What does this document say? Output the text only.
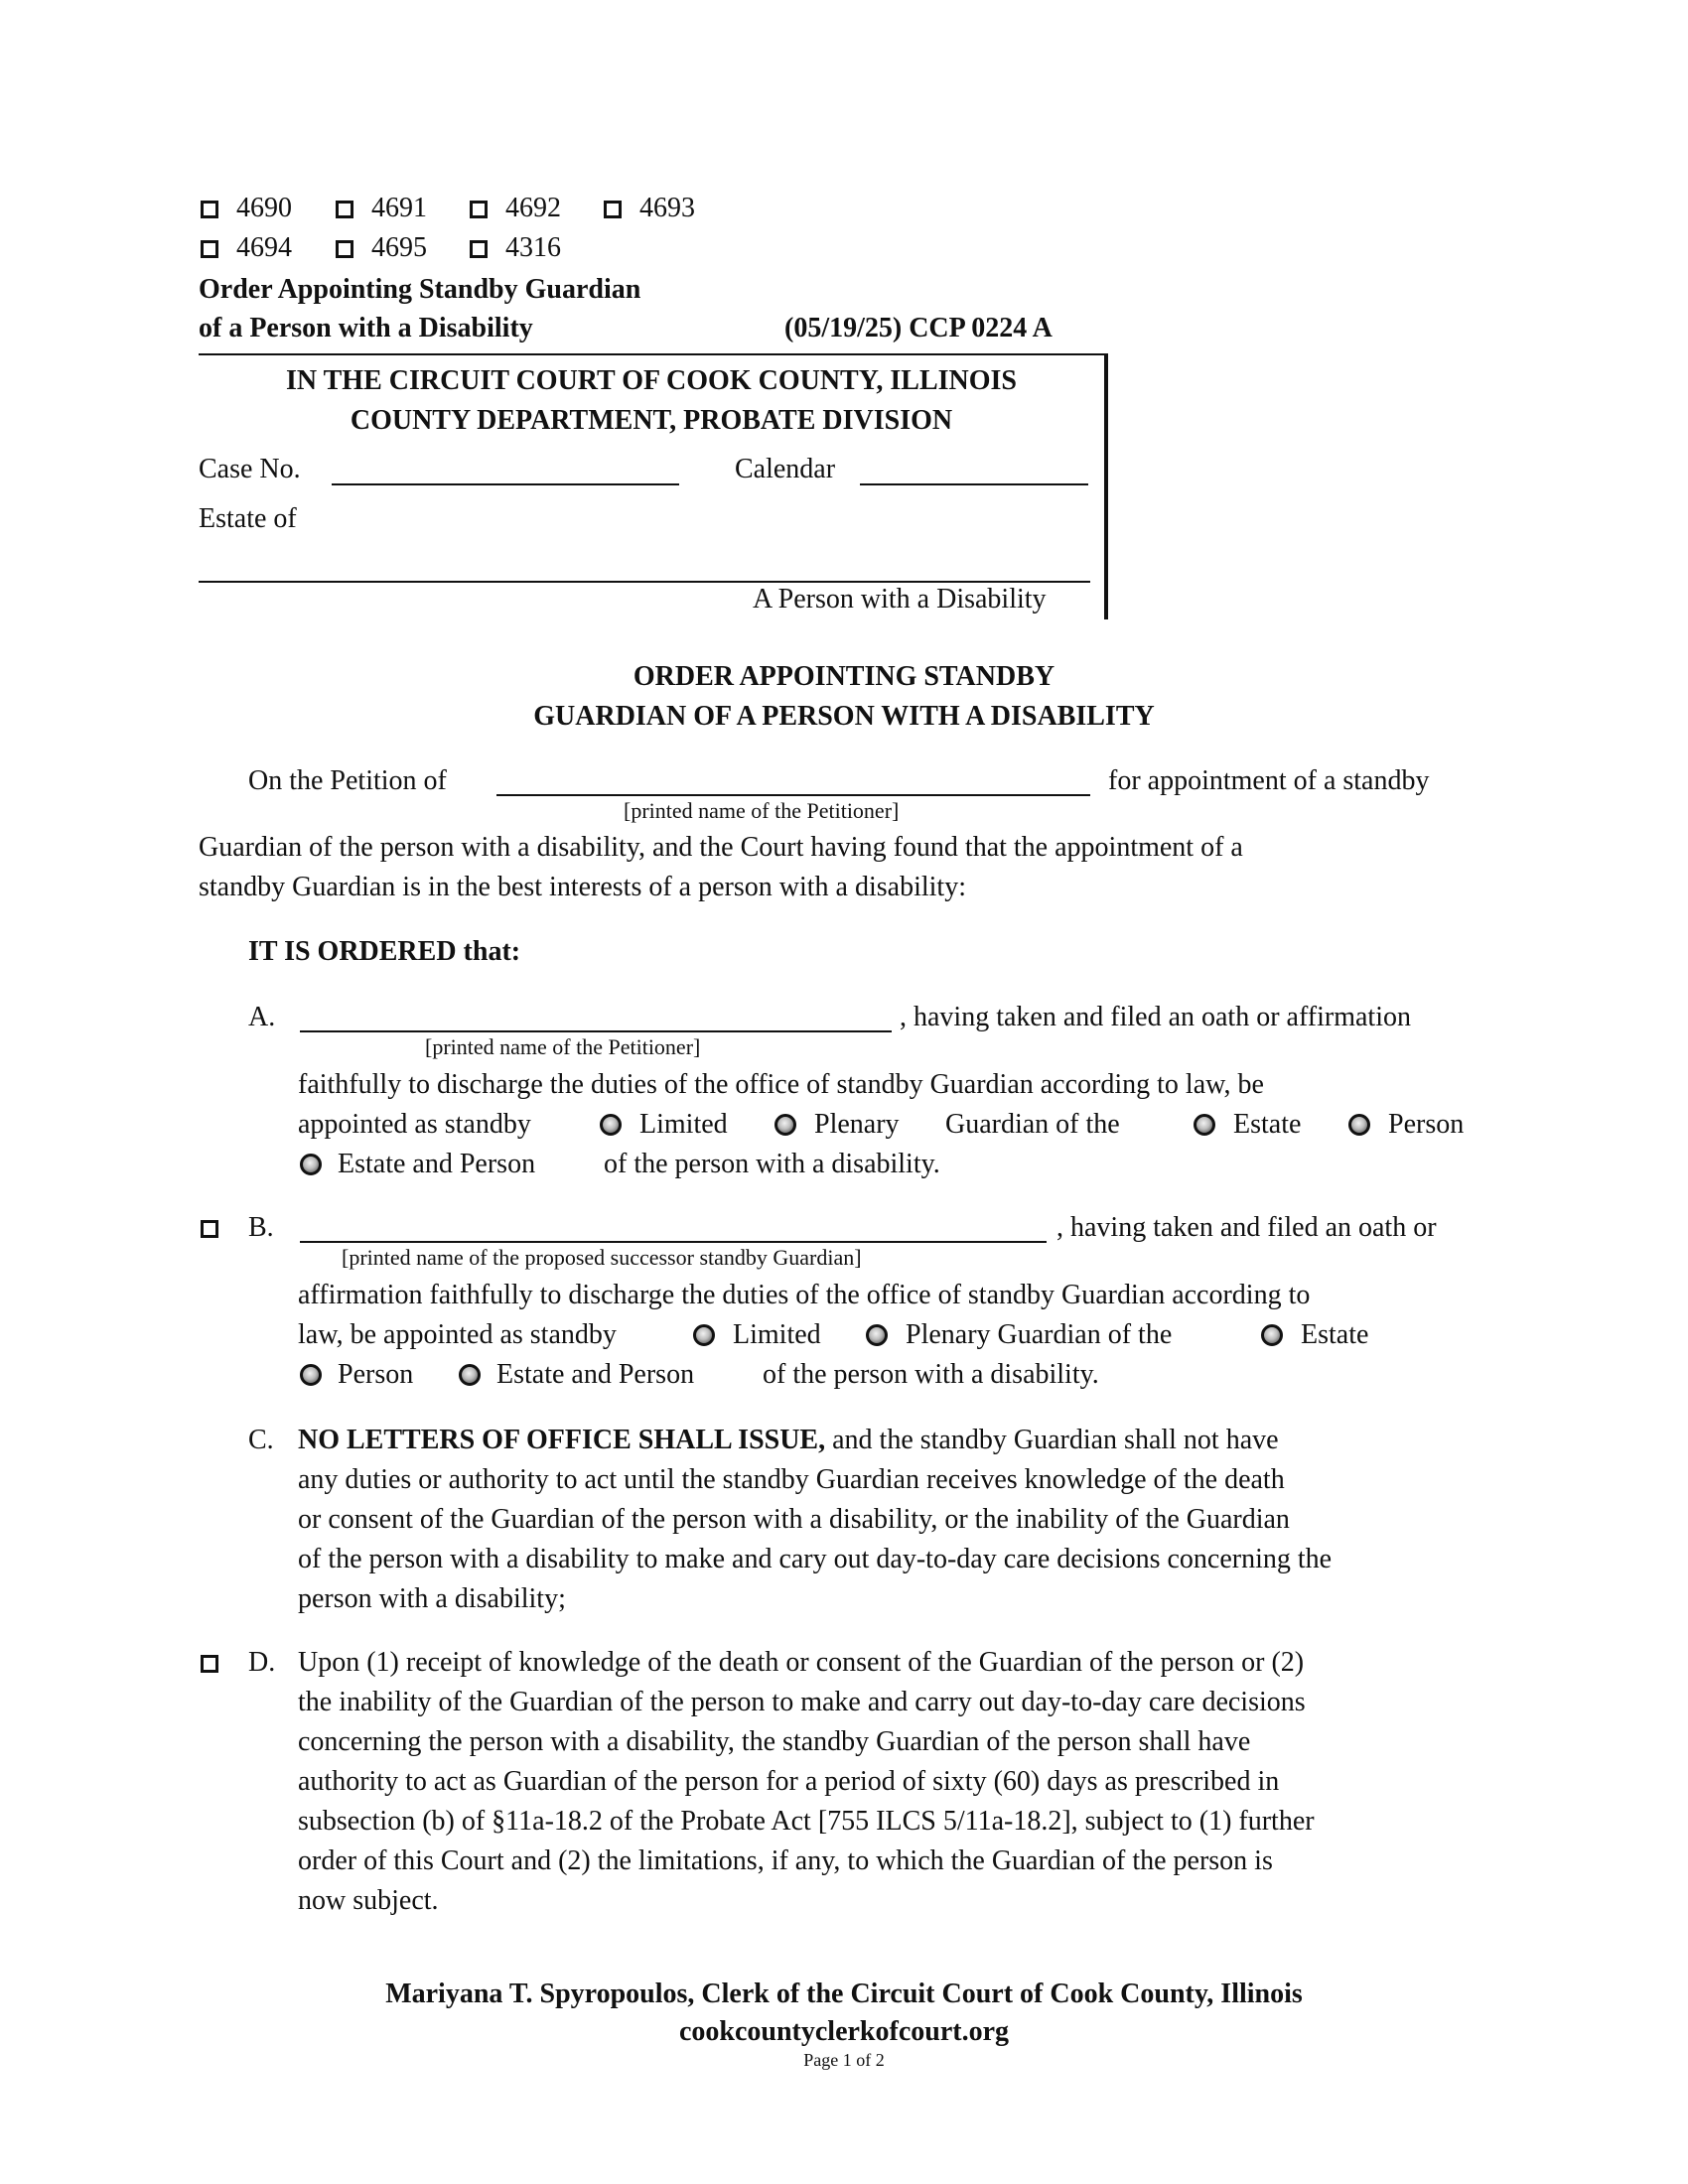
4690	4691	4692	4693
4694	4695	4316
Order Appointing Standby Guardian
of a Person with a Disability	(05/19/25) CCP 0224 A
IN THE CIRCUIT COURT OF COOK COUNTY, ILLINOIS
COUNTY DEPARTMENT, PROBATE DIVISION
Case No.	Calendar
Estate of
A Person with a Disability
ORDER APPOINTING STANDBY
GUARDIAN OF A PERSON WITH A DISABILITY
On the Petition of	for appointment of a standby
[printed name of the Petitioner]
Guardian of the person with a disability, and the Court having found that the appointment of a
standby Guardian is in the best interests of a person with a disability:
IT IS ORDERED that:
A.	, having taken and filed an oath or affirmation
[printed name of the Petitioner]
faithfully to discharge the duties of the office of standby Guardian according to law, be
appointed as standby	Limited	Plenary Guardian of the	Estate	Person
Estate and Person of the person with a disability.
B.	, having taken and filed an oath or
[printed name of the proposed successor standby Guardian]
affirmation faithfully to discharge the duties of the office of standby Guardian according to
law, be appointed as standby	Limited	Plenary Guardian of the	Estate
Person	Estate and Person of the person with a disability.
C. NO LETTERS OF OFFICE SHALL ISSUE, and the standby Guardian shall not have
any duties or authority to act until the standby Guardian receives knowledge of the death
or consent of the Guardian of the person with a disability, or the inability of the Guardian
of the person with a disability to make and cary out day-to-day care decisions concerning the
person with a disability;
D. Upon (1) receipt of knowledge of the death or consent of the Guardian of the person or (2)
the inability of the Guardian of the person to make and carry out day-to-day care decisions
concerning the person with a disability, the standby Guardian of the person shall have
authority to act as Guardian of the person for a period of sixty (60) days as prescribed in
subsection (b) of §11a-18.2 of the Probate Act [755 ILCS 5/11a-18.2], subject to (1) further
order of this Court and (2) the limitations, if any, to which the Guardian of the person is
now subject.
Mariyana T. Spyropoulos, Clerk of the Circuit Court of Cook County, Illinois
cookcountyclerkofcourt.org
Page 1 of 2
